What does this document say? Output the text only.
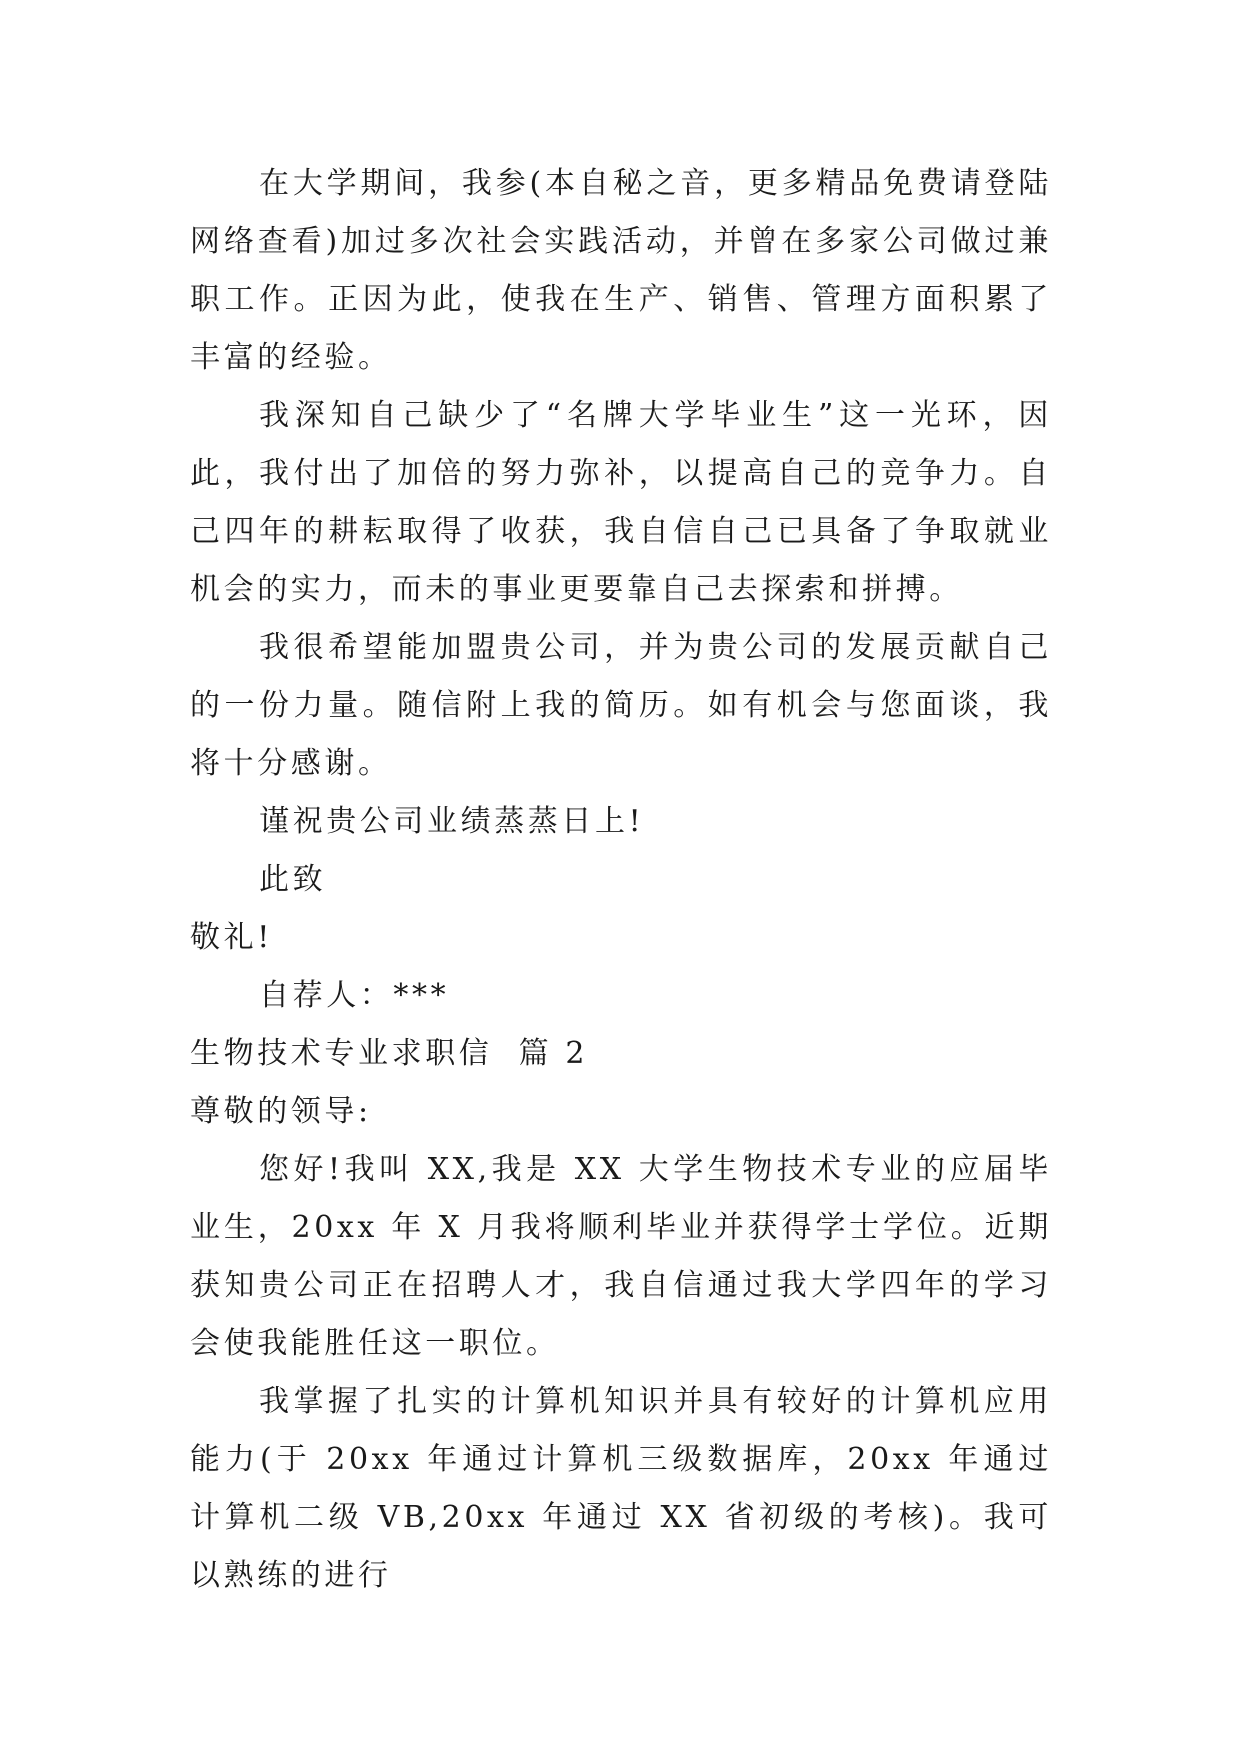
在大学期间，我参(本自秘之音，更多精品免费请登陆网络查看)加过多次社会实践活动，并曾在多家公司做过兼职工作。正因为此，使我在生产、销售、管理方面积累了丰富的经验。

我深知自己缺少了“名牌大学毕业生”这一光环，因此，我付出了加倍的努力弥补，以提高自己的竞争力。自己四年的耕耘取得了收获，我自信自己已具备了争取就业机会的实力，而未的事业更要靠自己去探索和拼搏。

我很希望能加盟贵公司，并为贵公司的发展贡献自己的一份力量。随信附上我的简历。如有机会与您面谈，我将十分感谢。

谨祝贵公司业绩蒸蒸日上!

此致

敬礼!

自荐人：***

生物技术专业求职信  篇 2

尊敬的领导:

您好!我叫 XX,我是 XX 大学生物技术专业的应届毕业生，20xx 年 X 月我将顺利毕业并获得学士学位。近期获知贵公司正在招聘人才，我自信通过我大学四年的学习会使我能胜任这一职位。

我掌握了扎实的计算机知识并具有较好的计算机应用能力(于 20xx 年通过计算机三级数据库，20xx 年通过计算机二级 VB,20xx 年通过 XX 省初级的考核)。我可以熟练的进行
